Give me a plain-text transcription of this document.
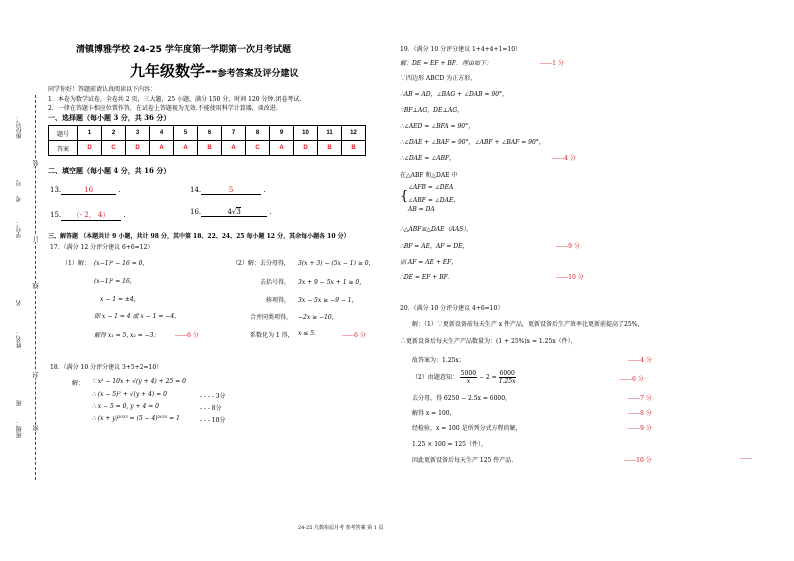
座位号：
号
考
学号：
名
姓名：
班
班级：
装
订
线
封
密
清镇博雅学校 24-25 学年度第一学期第一次月考试题
九年级数学--参考答案及评分建议
同学你好！答题前请认真阅读以下内容：
1．本卷为数学试卷，全卷共 2 页，三大题，25 小题，满分 150 分，时间 120 分钟.闭卷考试.
2．一律在答题卡相应位置作答，在试卷上答题视为无效.不能使用科学计算器，谈改进.
一、选择题（每小题 3 分，共 36 分）
题号	1	2	3	4	5	6	7	8	9	10	11	12
答案	D	C	D	A	A	B	A	C	A	D	B	B
二、填空题（每小题 4 分，共 16 分）
13.	16	.	14.	5	.
15. （- 2， 4） .	16.	4√3	.
三、解答题 （本题共计 9 小题，共计 98 分，其中第 18、22、24、25 每小题 12 分，其余每小题各 10 分）
17．（满分 12 分评分建议 6+6=12）
（1）解： (x−1)² − 16 = 0，
(x−1)² = 16，
x − 1 = ±4，
即 x − 1 = 4 或 x − 1 = −4，
解得 x₁ = 5，
x₂ = −3；	------6 分
（2）解：去分母得， 3(x + 3) − (5x − 1) ≥ 0，
去括号得， 3x + 9 − 5x + 1 ≥ 0，
移项得， 3x − 5x ≥ −9 − 1，
合并同类项得， −2x ≥ −10，
系数化为 1 得， x ≤ 5.	------6 分
18．（满分 10 分评分建议 3+5+2=10）
解： ∵ x² − 10x + √(y + 4) + 25 = 0
∴ (x − 5)² + √(y + 4) = 0	- - - - 3分
∴ x − 5 = 0, y + 4 = 0	- - - 8分
∴ (x + y)²⁰²⁵ = (5 − 4)²⁰²⁵ = 1	- - - 10分
19．（满分 10 分评分建议 1+4+4+1=10）
解：DE = EF + BF．理由如下：	------1 分
∵四边形 ABCD 为正方形，
∴AB = AD，∠BAG + ∠DAB = 90°，
∵BF⊥AG，DE⊥AG，
∴∠AED = ∠BFA = 90°，
∴∠DAE + ∠BAF = 90°，∠ABF + ∠BAF = 90°，
∴∠DAE = ∠ABF，	------4 分
在△ABF 和△DAE 中
{
∠AFB = ∠DEA
∠ABF = ∠DAE，
AB = DA
∴△ABF≌△DAE（AAS），
∴BF = AE，AF = DE，	------9 分
而 AF = AE + EF，
∴DE = EF + BF．	------10 分
20．（满分 10 分评分建议 4+6=10）
解：（1）∵更新设备前每天生产 x 件产品，更新设备后生产效率比更新前提高了25%，
∴更新设备后每天生产产品数量为：(1 + 25%)x = 1.25x（件），
故答案为：1.25x；	------4 分
（2）由题意知： $\frac{5000}{x} - 2 = \frac{6000}{1.25x}$	------6 分
去分母，得 6250 − 2.5x = 6000，	------7 分
解得 x = 100，	------8 分
经检验，x = 100 是所列分式方程的解，	------9 分
1.25 × 100 = 125（件），
因此更新设备后每天生产 125 件产品.	------10 分	------
24-25 九数衔届月考 参考答案 第 1 页
